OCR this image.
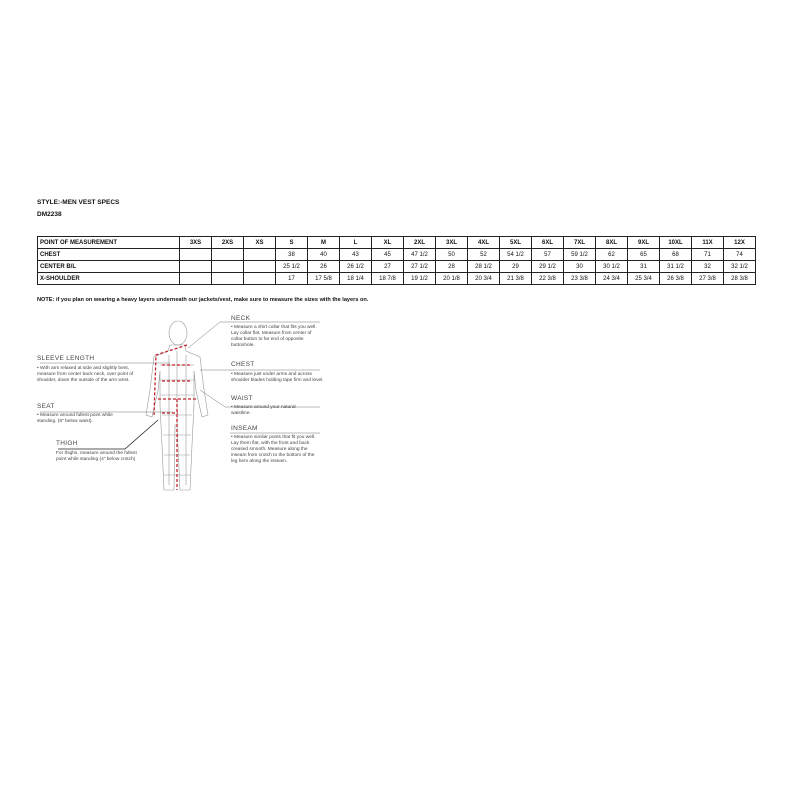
STYLE:-MEN VEST SPECS
DM2238
POINT OF MEASUREMENT	3XS	2XS	XS	S	M	L	XL	2XL	3XL	4XL	5XL	6XL	7XL	8XL	9XL	10XL	11X	12X
CHEST				38	40	43	45	47 1/2	50	52	54 1/2	57	59 1/2	62	65	68	71	74
CENTER B/L				25 1/2	26	26 1/2	27	27 1/2	28	28 1/2	29	29 1/2	30	30 1/2	31	31 1/2	32	32 1/2
X-SHOULDER				17	17 5/8	18 1/4	18 7/8	19 1/2	20 1/8	20 3/4	21 3/8	22 3/8	23 3/8	24 3/4	25 3/4	26 3/8	27 3/8	28 3/8
NOTE: if you plan on wearing a heavy layers underneath our jackets/vest, make sure to measure the sizes with the layers on.
NECK
• Measure a shirt collar that fits you well. Lay collar flat. Measure from center of collar button to far end of opposite buttonhole.
CHEST
• Measure just under arms and across shoulder blades holding tape firm and level.
WAIST
• Measure around your natural waistline.
INSEAM
• Measure similar ponts that fit you well. Lay them flat, with the front and back creased smooth. Measure along the inseam from crotch to the bottom of the leg hem along the inseam.
SLEEVE LENGTH
• With arm relaxed at side and slightly bent, measure from center back neck, over point of shoulder, down the outside of the arm wrist.
SEAT
• Measure around fullest point while standing. (8" below waist).
THIGH
For thighs, measure around the fullest point while standing (4" below crotch)
